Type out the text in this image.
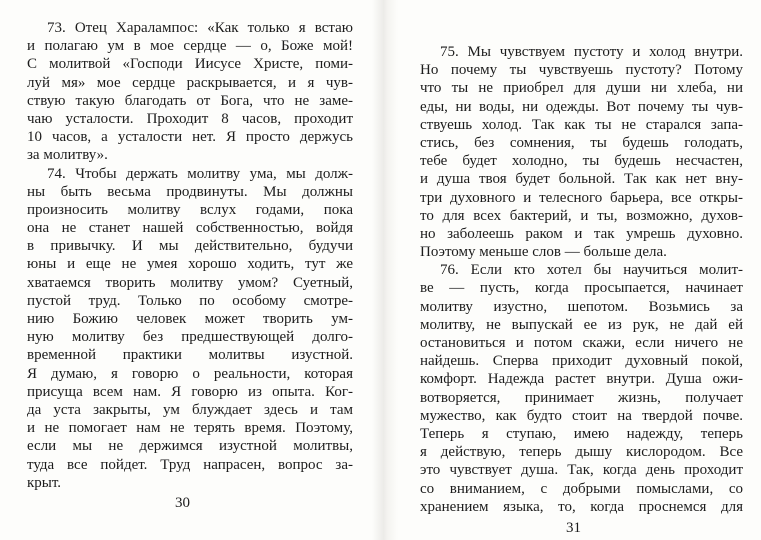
73. Отец Харалампос: «Как только я встаю
и полагаю ум в мое сердце — о, Боже мой!
С молитвой «Господи Иисусе Христе, поми-
луй мя» мое сердце раскрывается, и я чув-
ствую такую благодать от Бога, что не заме-
чаю усталости. Проходит 8 часов, проходит
10 часов, а усталости нет. Я просто держусь
за молитву».
74. Чтобы держать молитву ума, мы долж-
ны быть весьма продвинуты. Мы должны
произносить молитву вслух годами, пока
она не станет нашей собственностью, войдя
в привычку. И мы действительно, будучи
юны и еще не умея хорошо ходить, тут же
хватаемся творить молитву умом? Суетный,
пустой труд. Только по особому смотре-
нию Божию человек может творить ум-
ную молитву без предшествующей долго-
временной практики молитвы изустной.
Я думаю, я говорю о реальности, которая
присуща всем нам. Я говорю из опыта. Ког-
да уста закрыты, ум блуждает здесь и там
и не помогает нам не терять время. Поэтому,
если мы не держимся изустной молитвы,
туда все пойдет. Труд напрасен, вопрос за-
крыт.
30
75. Мы чувствуем пустоту и холод внутри.
Но почему ты чувствуешь пустоту? Потому
что ты не приобрел для души ни хлеба, ни
еды, ни воды, ни одежды. Вот почему ты чув-
ствуешь холод. Так как ты не старался запа-
стись, без сомнения, ты будешь голодать,
тебе будет холодно, ты будешь несчастен,
и душа твоя будет больной. Так как нет вну-
три духовного и телесного барьера, все откры-
то для всех бактерий, и ты, возможно, духов-
но заболеешь раком и так умрешь духовно.
Поэтому меньше слов — больше дела.
76. Если кто хотел бы научиться молит-
ве — пусть, когда просыпается, начинает
молитву изустно, шепотом. Возьмись за
молитву, не выпускай ее из рук, не дай ей
остановиться и потом скажи, если ничего не
найдешь. Сперва приходит духовный покой,
комфорт. Надежда растет внутри. Душа ожи-
вотворяется, принимает жизнь, получает
мужество, как будто стоит на твердой почве.
Теперь я ступаю, имею надежду, теперь
я действую, теперь дышу кислородом. Все
это чувствует душа. Так, когда день проходит
со вниманием, с добрыми помыслами, со
хранением языка, то, когда проснемся для
31
